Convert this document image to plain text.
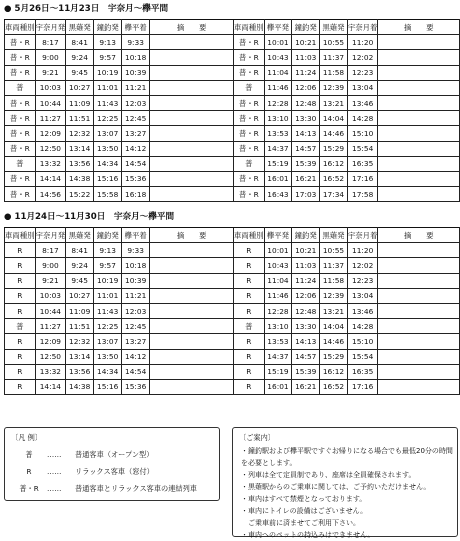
● 5月26日～11月23日　宇奈月～欅平間
車両種別	宇奈月発	黒薙発	鐘釣発	欅平着	摘　　要
普・R	8:17	8:41	9:13	9:33	
普・R	9:00	9:24	9:57	10:18	
普・R	9:21	9:45	10:19	10:39	
普	10:03	10:27	11:01	11:21	
普・R	10:44	11:09	11:43	12:03	
普・R	11:27	11:51	12:25	12:45	
普・R	12:09	12:32	13:07	13:27	
普・R	12:50	13:14	13:50	14:12	
普	13:32	13:56	14:34	14:54	
普・R	14:14	14:38	15:16	15:36	
普・R	14:56	15:22	15:58	16:18	
車両種別	欅平発	鐘釣発	黒薙発	宇奈月着	摘　　要
普・R	10:01	10:21	10:55	11:20	
普・R	10:43	11:03	11:37	12:02	
普・R	11:04	11:24	11:58	12:23	
普	11:46	12:06	12:39	13:04	
普・R	12:28	12:48	13:21	13:46	
普・R	13:10	13:30	14:04	14:28	
普・R	13:53	14:13	14:46	15:10	
普・R	14:37	14:57	15:29	15:54	
普	15:19	15:39	16:12	16:35	
普・R	16:01	16:21	16:52	17:16	
普・R	16:43	17:03	17:34	17:58	
● 11月24日～11月30日　宇奈月～欅平間
車両種別	宇奈月発	黒薙発	鐘釣発	欅平着	摘　　要
R	8:17	8:41	9:13	9:33	
R	9:00	9:24	9:57	10:18	
R	9:21	9:45	10:19	10:39	
R	10:03	10:27	11:01	11:21	
R	10:44	11:09	11:43	12:03	
普	11:27	11:51	12:25	12:45	
R	12:09	12:32	13:07	13:27	
R	12:50	13:14	13:50	14:12	
R	13:32	13:56	14:34	14:54	
R	14:14	14:38	15:16	15:36	
車両種別	欅平発	鐘釣発	黒薙発	宇奈月着	摘　　要
R	10:01	10:21	10:55	11:20	
R	10:43	11:03	11:37	12:02	
R	11:04	11:24	11:58	12:23	
R	11:46	12:06	12:39	13:04	
R	12:28	12:48	13:21	13:46	
普	13:10	13:30	14:04	14:28	
R	13:53	14:13	14:46	15:10	
R	14:37	14:57	15:29	15:54	
R	15:19	15:39	16:12	16:35	
R	16:01	16:21	16:52	17:16	
〔凡 例〕
普 …… 普通客車（オープン型）
R …… リラックス客車（窓付）
普・R …… 普通客車とリラックス客車の連結列車
〔ご案内〕
・鐘釣駅および欅平駅ですぐお帰りになる場合でも最低20分の時間を必要とします。
・列車は全て定員制であり、座席は全員確保されます。
・黒薙駅からのご乗車に関しては、ご予約いただけません。
・車内はすべて禁煙となっております。
・車内にトイレの設備はございません。
　ご乗車前に済ませてご利用下さい。
・車内へのペットの持込みはできません。
